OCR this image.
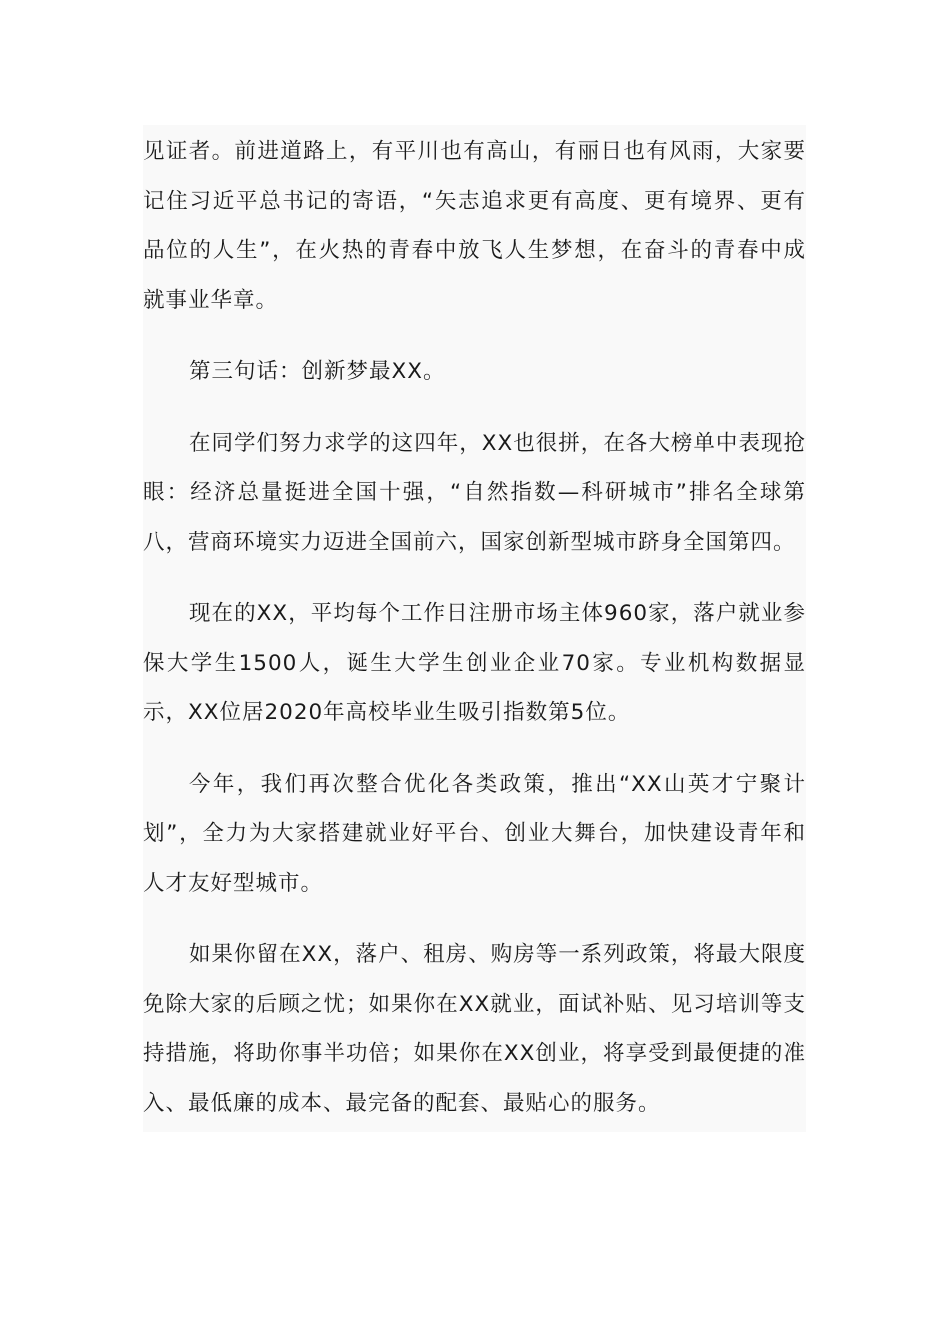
见证者。前进道路上，有平川也有高山，有丽日也有风雨，大家要记住习近平总书记的寄语，“矢志追求更有高度、更有境界、更有品位的人生”，在火热的青春中放飞人生梦想，在奋斗的青春中成就事业华章。

第三句话：创新梦最XX。

在同学们努力求学的这四年，XX也很拼，在各大榜单中表现抢眼：经济总量挺进全国十强，“自然指数—科研城市”排名全球第八，营商环境实力迈进全国前六，国家创新型城市跻身全国第四。

现在的XX，平均每个工作日注册市场主体960家，落户就业参保大学生1500人，诞生大学生创业企业70家。专业机构数据显示，XX位居2020年高校毕业生吸引指数第5位。

今年，我们再次整合优化各类政策，推出“XX山英才宁聚计划”，全力为大家搭建就业好平台、创业大舞台，加快建设青年和人才友好型城市。

如果你留在XX，落户、租房、购房等一系列政策，将最大限度免除大家的后顾之忧；如果你在XX就业，面试补贴、见习培训等支持措施，将助你事半功倍；如果你在XX创业，将享受到最便捷的准入、最低廉的成本、最完备的配套、最贴心的服务。
